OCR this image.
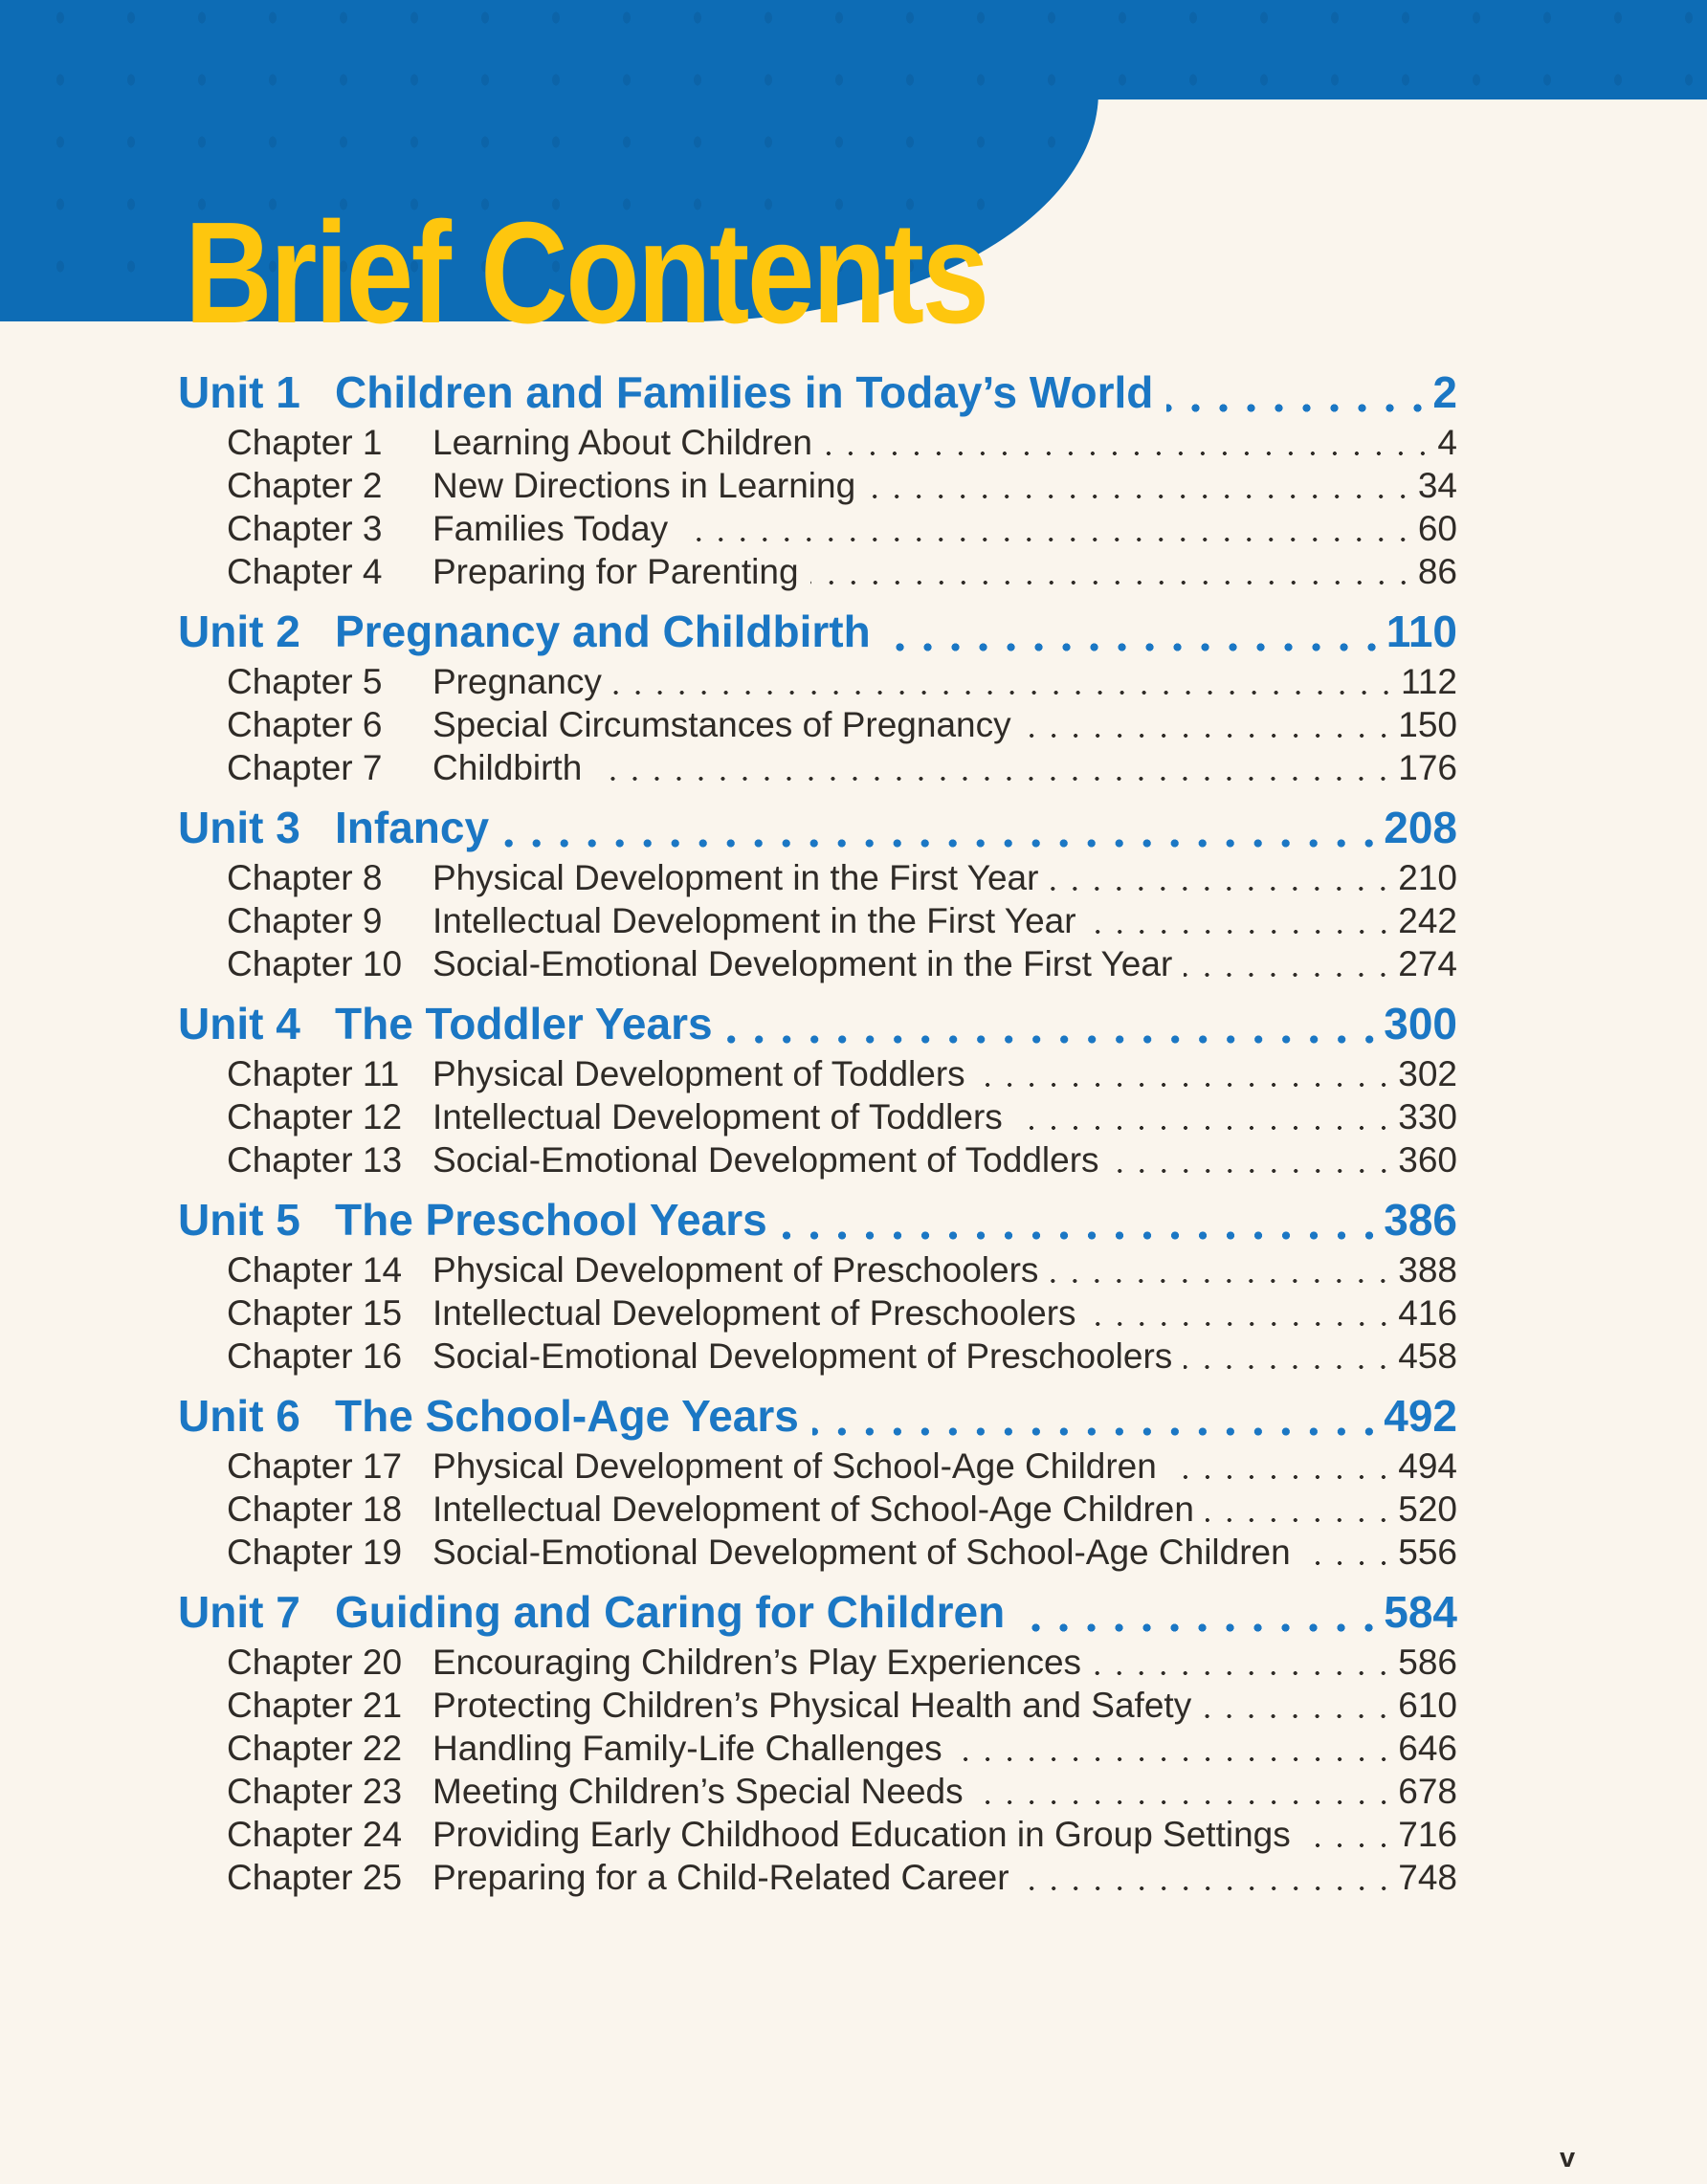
Brief Contents
Unit 1 Children and Families in Today’s World	2
Chapter 1	Learning About Children	4
Chapter 2	New Directions in Learning	34
Chapter 3	Families Today	60
Chapter 4	Preparing for Parenting	86
Unit 2 Pregnancy and Childbirth	110
Chapter 5	Pregnancy	112
Chapter 6	Special Circumstances of Pregnancy	150
Chapter 7	Childbirth	176
Unit 3 Infancy	208
Chapter 8	Physical Development in the First Year	210
Chapter 9	Intellectual Development in the First Year	242
Chapter 10 Social-Emotional Development in the First Year	274
Unit 4 The Toddler Years	300
Chapter 11 Physical Development of Toddlers	302
Chapter 12 Intellectual Development of Toddlers	330
Chapter 13 Social-Emotional Development of Toddlers	360
Unit 5 The Preschool Years	386
Chapter 14 Physical Development of Preschoolers	388
Chapter 15 Intellectual Development of Preschoolers	416
Chapter 16 Social-Emotional Development of Preschoolers	458
Unit 6 The School-Age Years	492
Chapter 17 Physical Development of School-Age Children	494
Chapter 18 Intellectual Development of School-Age Children	520
Chapter 19 Social-Emotional Development of School-Age Children	556
Unit 7 Guiding and Caring for Children	584
Chapter 20 Encouraging Children’s Play Experiences	586
Chapter 21 Protecting Children’s Physical Health and Safety	610
Chapter 22 Handling Family-Life Challenges	646
Chapter 23 Meeting Children’s Special Needs	678
Chapter 24 Providing Early Childhood Education in Group Settings	716
Chapter 25 Preparing for a Child-Related Career	748
v
